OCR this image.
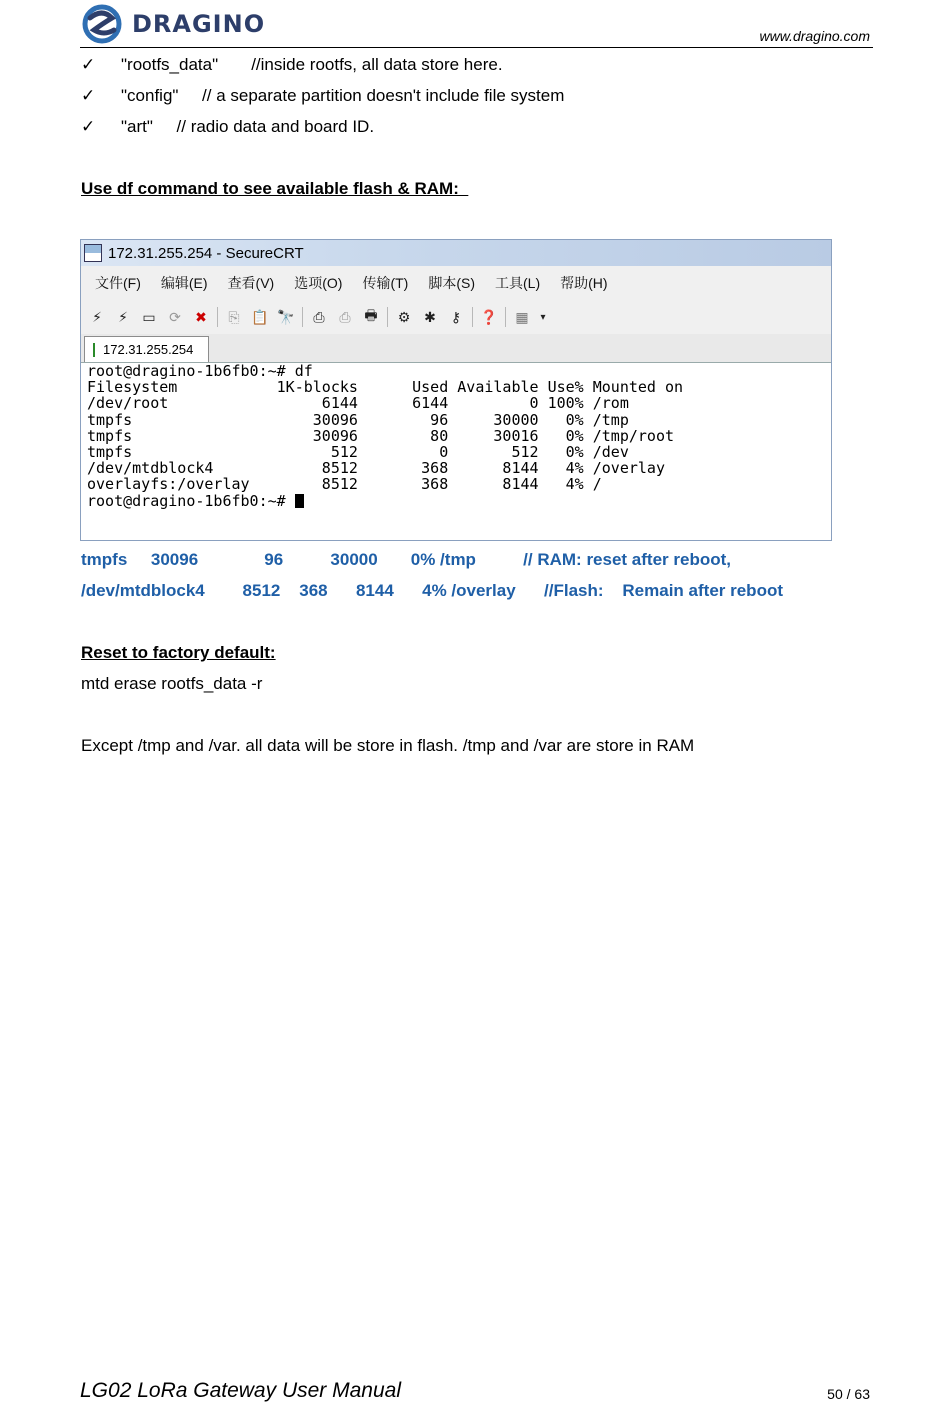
DRAGINO	www.dragino.com
✓ "rootfs_data"       //inside rootfs, all data store here.
✓ "config"     // a separate partition doesn't include file system
✓ "art"     // radio data and board ID.
Use df command to see available flash & RAM:
172.31.255.254 - SecureCRT
文件(F) 编辑(E) 查看(V) 选项(O) 传输(T) 脚本(S) 工具(L) 帮助(H)
⚡	⚡	▭ ⟳ ✖	⎘ 📋 🔭	⎙	⎙ 🖶 ⚙ ✱	⚷	❓ ▦	▾
172.31.255.254
root@dragino-1b6fb0:~# df
Filesystem           1K-blocks      Used Available Use% Mounted on
/dev/root                 6144      6144         0 100% /rom
tmpfs                    30096        96     30000   0% /tmp
tmpfs                    30096        80     30016   0% /tmp/root
tmpfs                      512         0       512   0% /dev
/dev/mtdblock4            8512       368      8144   4% /overlay
overlayfs:/overlay        8512       368      8144   4% /
root@dragino-1b6fb0:~#
tmpfs     30096              96          30000       0% /tmp          // RAM: reset after reboot,
/dev/mtdblock4        8512    368      8144      4% /overlay      //Flash:    Remain after reboot
Reset to factory default:
mtd erase rootfs_data -r
Except /tmp and /var. all data will be store in flash. /tmp and /var are store in RAM
LG02 LoRa Gateway User Manual	50 / 63
